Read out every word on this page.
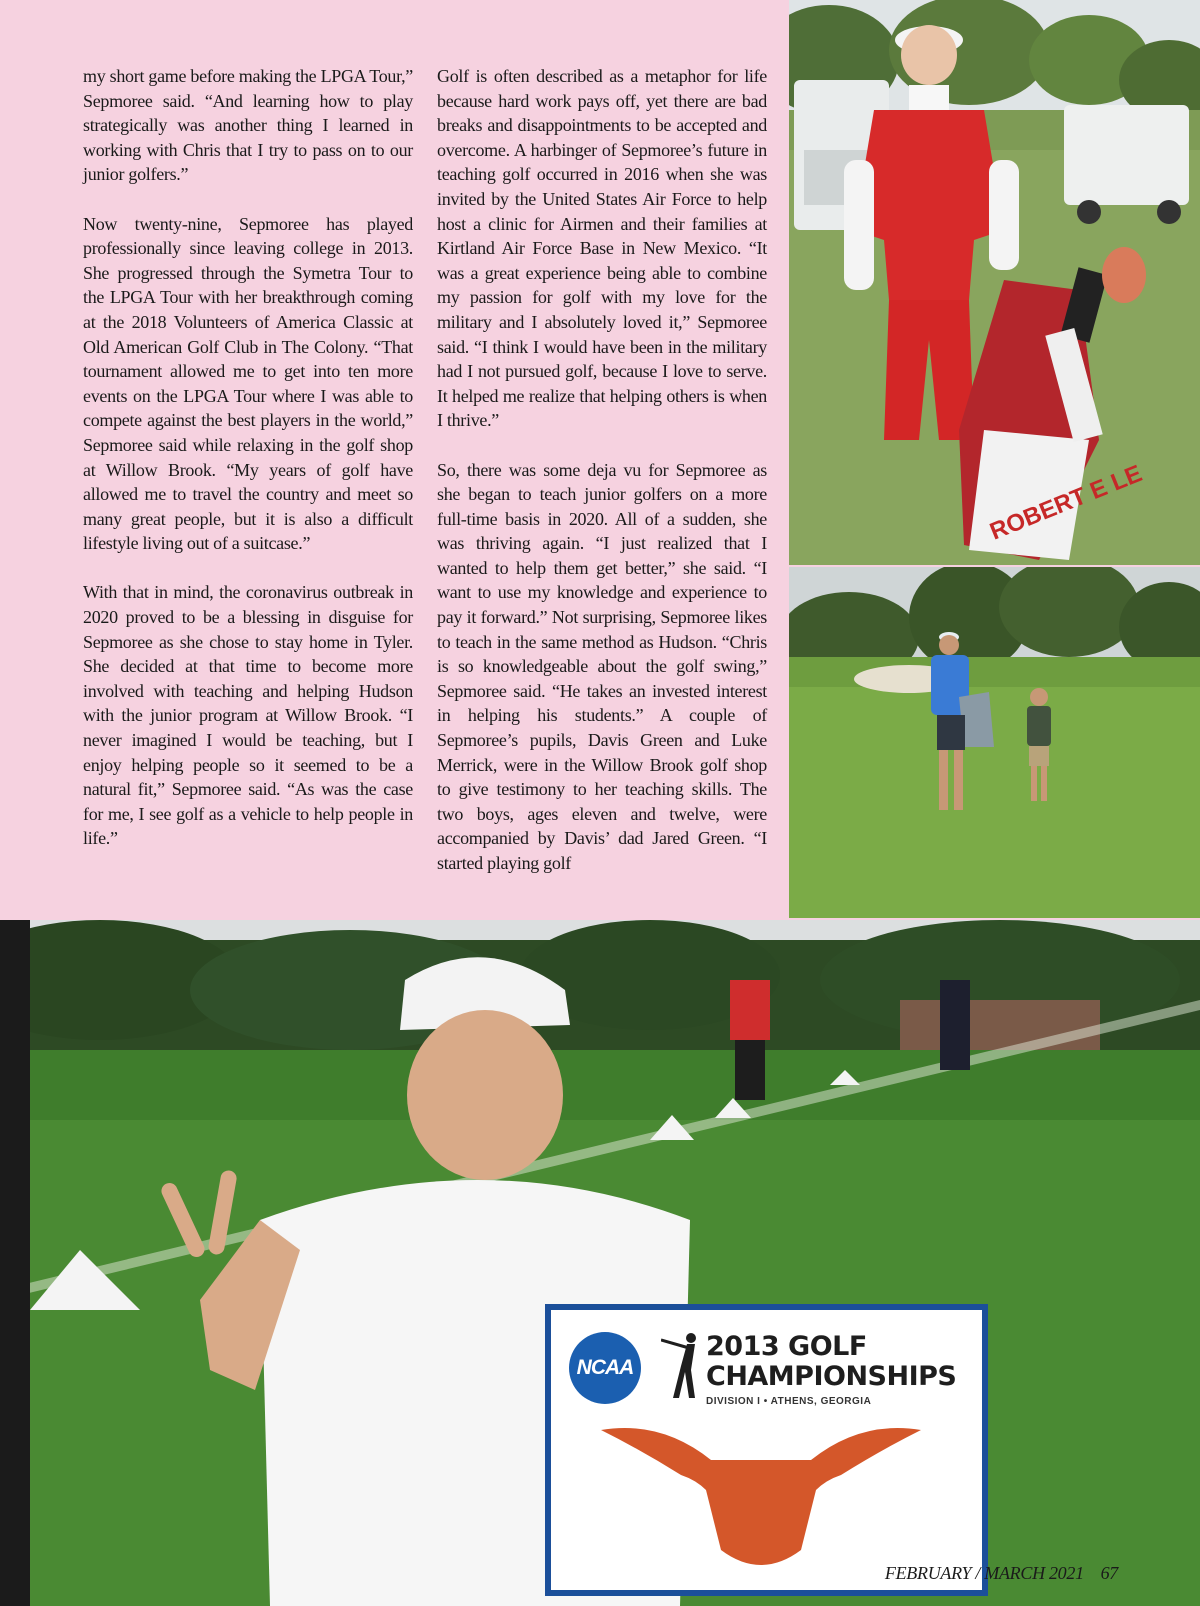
my short game before making the LPGA Tour,” Sepmoree said. “And learning how to play strategically was another thing I learned in working with Chris that I try to pass on to our junior golfers.”

Now twenty-nine, Sepmoree has played professionally since leaving college in 2013. She progressed through the Symetra Tour to the LPGA Tour with her breakthrough coming at the 2018 Volunteers of America Classic at Old American Golf Club in The Colony. “That tournament allowed me to get into ten more events on the LPGA Tour where I was able to compete against the best players in the world,” Sepmoree said while relaxing in the golf shop at Willow Brook. “My years of golf have allowed me to travel the country and meet so many great people, but it is also a difficult lifestyle living out of a suitcase.”

With that in mind, the coronavirus outbreak in 2020 proved to be a blessing in disguise for Sepmoree as she chose to stay home in Tyler. She decided at that time to become more involved with teaching and helping Hudson with the junior program at Willow Brook. “I never imagined I would be teaching, but I enjoy helping people so it seemed to be a natural fit,” Sepmoree said. “As was the case for me, I see golf as a vehicle to help people in life.”

Golf is often described as a metaphor for life because hard work pays off, yet there are bad breaks and disappointments to be accepted and overcome. A harbinger of Sepmoree’s future in teaching golf occurred in 2016 when she was invited by the United States Air Force to help host a clinic for Airmen and their families at Kirtland Air Force Base in New Mexico. “It was a great experience being able to combine my passion for golf with my love for the military and I absolutely loved it,” Sepmoree said. “I think I would have been in the military had I not pursued golf, because I love to serve. It helped me realize that helping others is when I thrive.”

So, there was some deja vu for Sepmoree as she began to teach junior golfers on a more full-time basis in 2020. All of a sudden, she was thriving again. “I just realized that I wanted to help them get better,” she said. “I want to use my knowledge and experience to pay it forward.” Not surprising, Sepmoree likes to teach in the same method as Hudson. “Chris is so knowledgeable about the golf swing,” Sepmoree said. “He takes an invested interest in helping his students.” A couple of Sepmoree’s pupils, Davis Green and Luke Merrick, were in the Willow Brook golf shop to give testimony to her teaching skills. The two boys, ages eleven and twelve, were accompanied by Davis’ dad Jared Green. “I started playing golf

ROBERT E LE
NCAA
2013 GOLF
CHAMPIONSHIPS
DIVISION I • ATHENS, GEORGIA
FEBRUARY / MARCH 2021 67
